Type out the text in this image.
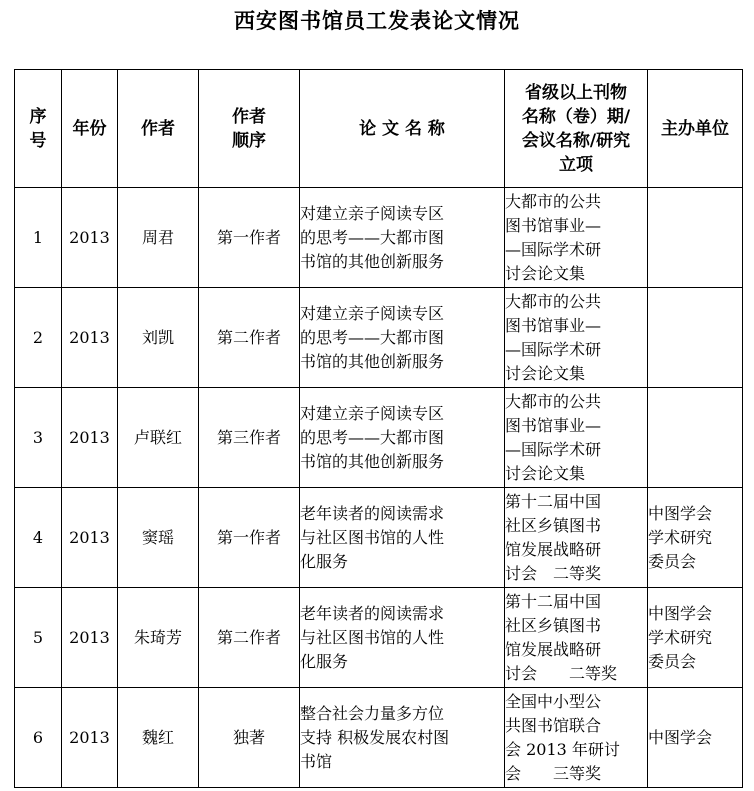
西安图书馆员工发表论文情况
序
号	年份	作者	作者
顺序	论 文 名 称	省级以上刊物
名称（卷）期/
会议名称/研究
立项	主办单位

1	2013	周君	第一作者	对建立亲子阅读专区
的思考——大都市图
书馆的其他创新服务	大都市的公共
图书馆事业—
—国际学术研
讨会论文集	

2	2013	刘凯	第二作者	对建立亲子阅读专区
的思考——大都市图
书馆的其他创新服务	大都市的公共
图书馆事业—
—国际学术研
讨会论文集	

3	2013	卢联红	第三作者	对建立亲子阅读专区
的思考——大都市图
书馆的其他创新服务	大都市的公共
图书馆事业—
—国际学术研
讨会论文集	

4	2013	窦瑶	第一作者	老年读者的阅读需求
与社区图书馆的人性
化服务	第十二届中国
社区乡镇图书
馆发展战略研
讨会　二等奖	中图学会
学术研究
委员会

5	2013	朱琦芳	第二作者	老年读者的阅读需求
与社区图书馆的人性
化服务	第十二届中国
社区乡镇图书
馆发展战略研
讨会　　二等奖	中图学会
学术研究
委员会

6	2013	魏红	独著	整合社会力量多方位
支持 积极发展农村图
书馆	全国中小型公
共图书馆联合
会 2013 年研讨
会　　三等奖	中图学会
